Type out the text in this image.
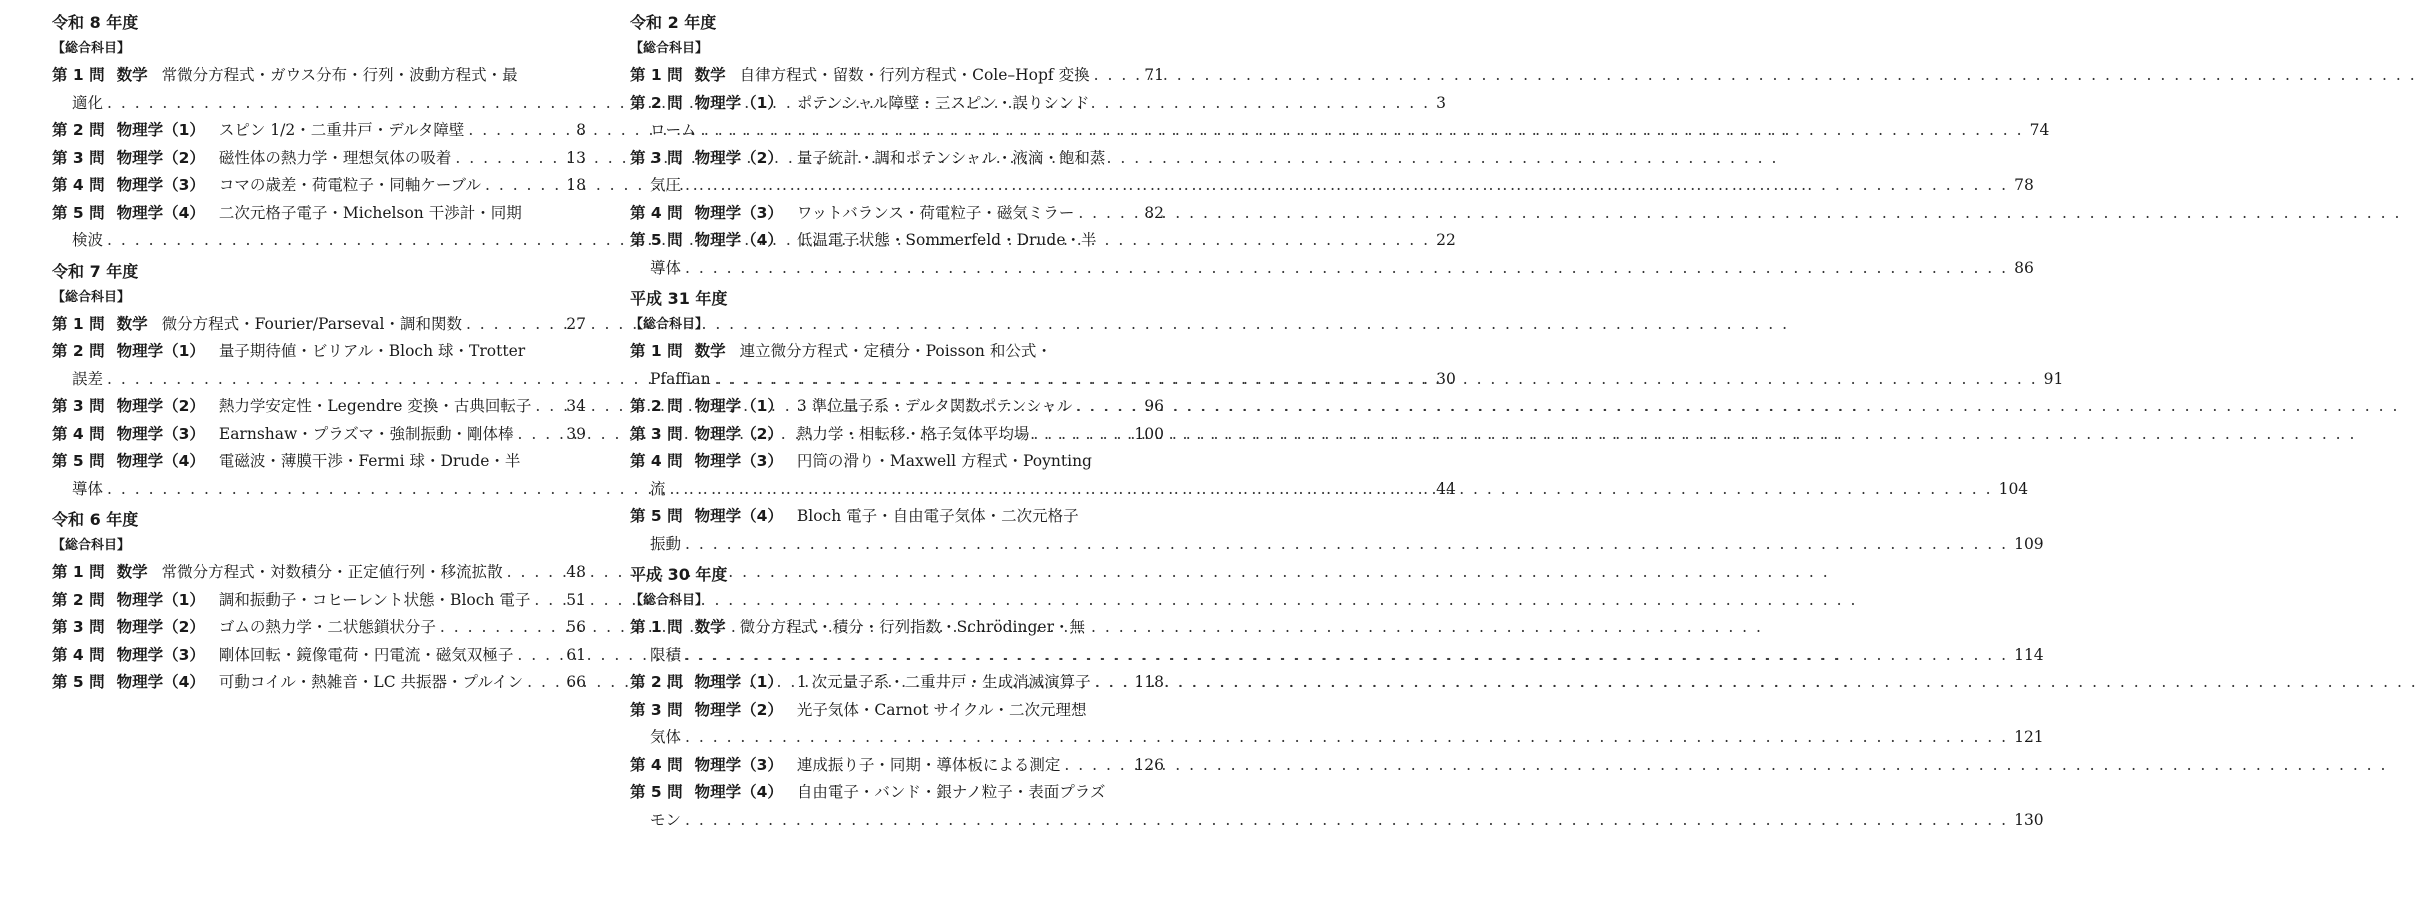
令和 8 年度
【総合科目】
第 1 問 数学 常微分方程式・ガウス分布・行列・波動方程式・最
適化 . . .	3
第 2 問 物理学（1） スピン 1/2・二重井戸・デルタ障壁 . . .	8
第 3 問 物理学（2） 磁性体の熱力学・理想気体の吸着 . . .	13
第 4 問 物理学（3） コマの歳差・荷電粒子・同軸ケーブル . . .	18
第 5 問 物理学（4） 二次元格子電子・Michelson 干渉計・同期
検波 . . .	22
令和 7 年度
【総合科目】
第 1 問 数学 微分方程式・Fourier/Parseval・調和関数 . . .	27
第 2 問 物理学（1） 量子期待値・ビリアル・Bloch 球・Trotter
誤差 . . .	30
第 3 問 物理学（2） 熱力学安定性・Legendre 変換・古典回転子 . . . 34
第 4 問 物理学（3） Earnshaw・プラズマ・強制振動・剛体棒 . . .	39
第 5 問 物理学（4） 電磁波・薄膜干渉・Fermi 球・Drude・半
導体 . . .	44
令和 6 年度
【総合科目】
第 1 問 数学 常微分方程式・対数積分・正定値行列・移流拡散 . . .	48
第 2 問 物理学（1） 調和振動子・コヒーレント状態・Bloch 電子 . . . 51
第 3 問 物理学（2） ゴムの熱力学・二状態鎖状分子 . . .	56
第 4 問 物理学（3） 剛体回転・鏡像電荷・円電流・磁気双極子 . . .	61
第 5 問 物理学（4） 可動コイル・熱雑音・LC 共振器・プルイン . . .	66
令和 2 年度
【総合科目】
第 1 問 数学 自律方程式・留数・行列方程式・Cole–Hopf 変換 . . .	71
第 2 問 物理学（1） ポテンシャル障壁・三スピン・誤りシンド
ローム . . .	74
第 3 問 物理学（2） 量子統計・調和ポテンシャル・液滴・飽和蒸
気圧 . . .	78
第 4 問 物理学（3） ワットバランス・荷電粒子・磁気ミラー . . .	82
第 5 問 物理学（4） 低温電子状態・Sommerfeld・Drude・半
導体 . . .	86
平成 31 年度
【総合科目】
第 1 問 数学 連立微分方程式・定積分・Poisson 和公式・
Pfaffian . . .	91
第 2 問 物理学（1） 3 準位量子系・デルタ関数ポテンシャル . . .	96
第 3 問 物理学（2） 熱力学・相転移・格子気体平均場 . . .	100
第 4 問 物理学（3） 円筒の滑り・Maxwell 方程式・Poynting
流 . . .	104
第 5 問 物理学（4） Bloch 電子・自由電子気体・二次元格子
振動 . . .	109
平成 30 年度
【総合科目】
第 1 問 数学 微分方程式・積分・行列指数・Schrödinger・無
限積 . . .	114
第 2 問 物理学（1） 1 次元量子系・二重井戸・生成消滅演算子 . . .	118
第 3 問 物理学（2） 光子気体・Carnot サイクル・二次元理想
気体 . . .	121
第 4 問 物理学（3） 連成振り子・同期・導体板による測定 . . .	126
第 5 問 物理学（4） 自由電子・バンド・銀ナノ粒子・表面プラズ
モン . . .	130
